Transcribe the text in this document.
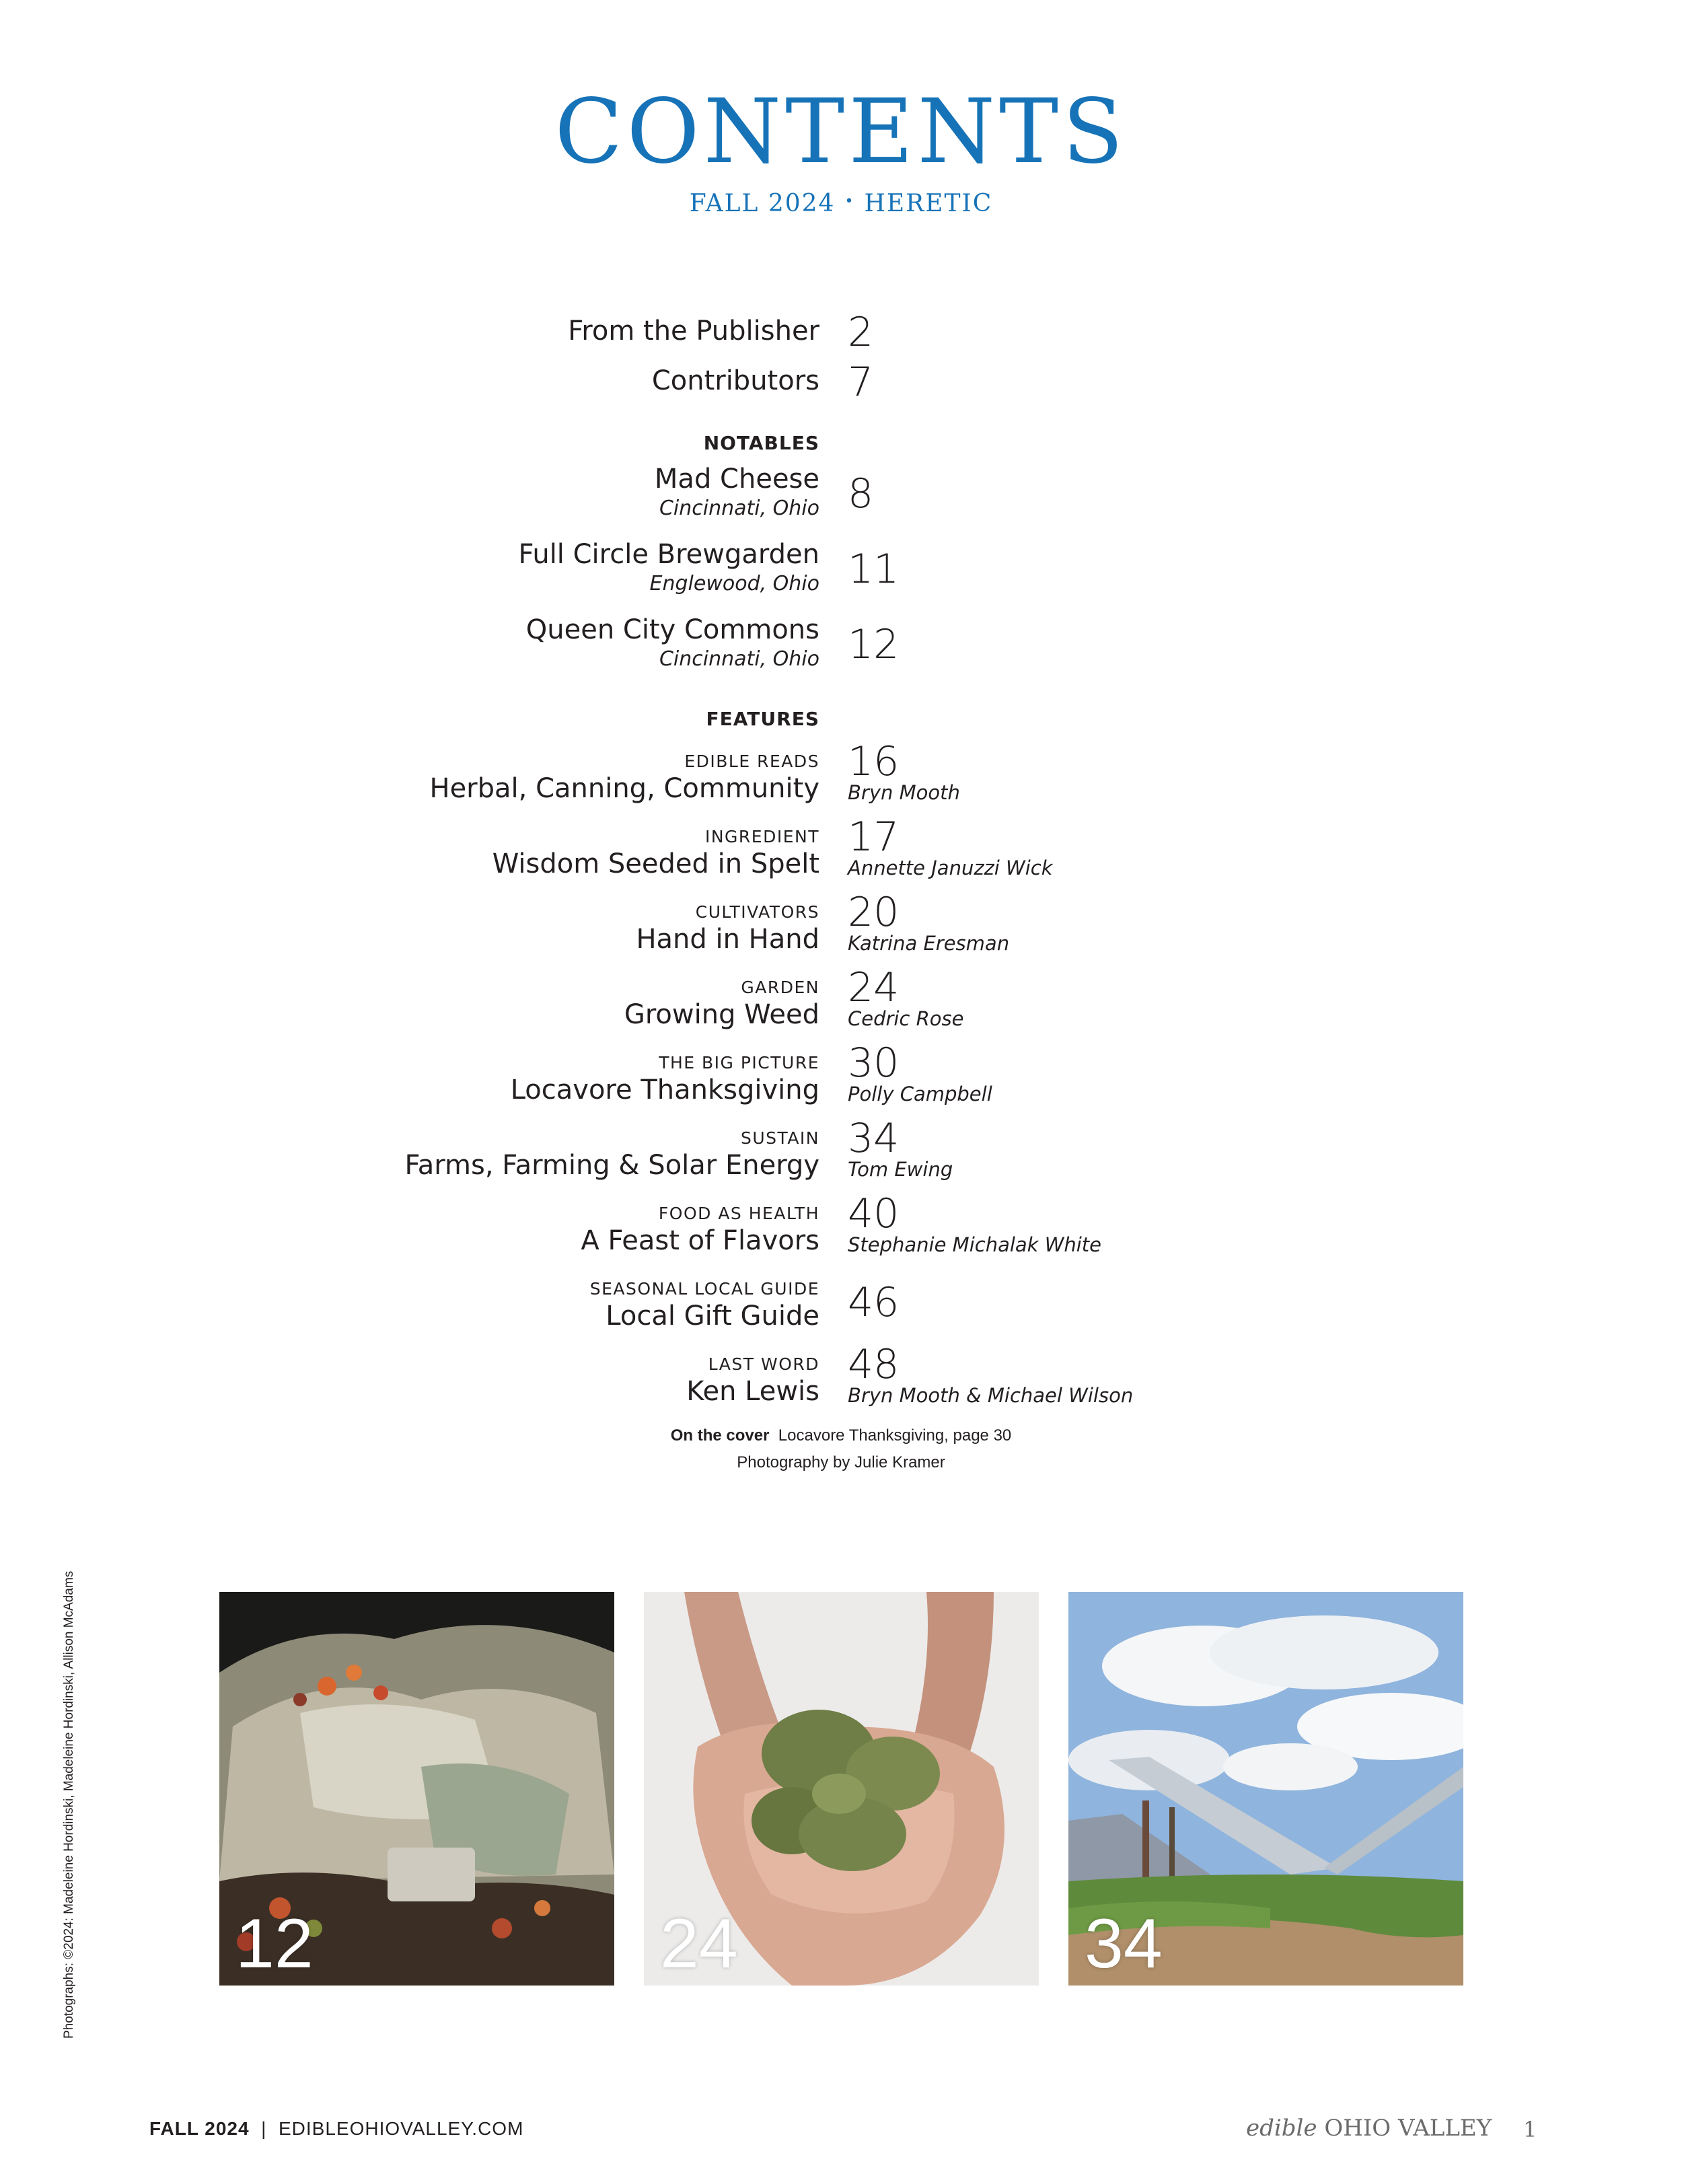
CONTENTS
FALL 2024 • HERETIC
From the Publisher 2
Contributors 7
NOTABLES
Mad Cheese
Cincinnati, Ohio 8
Full Circle Brewgarden
Englewood, Ohio 11
Queen City Commons
Cincinnati, Ohio 12
FEATURES
EDIBLE READS
Herbal, Canning, Community
16
Bryn Mooth
INGREDIENT
Wisdom Seeded in Spelt
17
Annette Januzzi Wick
CULTIVATORS
Hand in Hand
20
Katrina Eresman
GARDEN
Growing Weed
24
Cedric Rose
THE BIG PICTURE
Locavore Thanksgiving
30
Polly Campbell
SUSTAIN
Farms, Farming & Solar Energy
34
Tom Ewing
FOOD AS HEALTH
A Feast of Flavors
40
Stephanie Michalak White
SEASONAL LOCAL GUIDE
Local Gift Guide 46
LAST WORD
Ken Lewis
48
Bryn Mooth & Michael Wilson
On the cover Locavore Thanksgiving, page 30
Photography by Julie Kramer
Photographs: ©2024: Madeleine Hordinski, Madeleine Hordinski, Allison McAdams 12	24	34
FALL 2024 | EDIBLEOHIOVALLEY.COM	edible OHIO VALLEY 1
